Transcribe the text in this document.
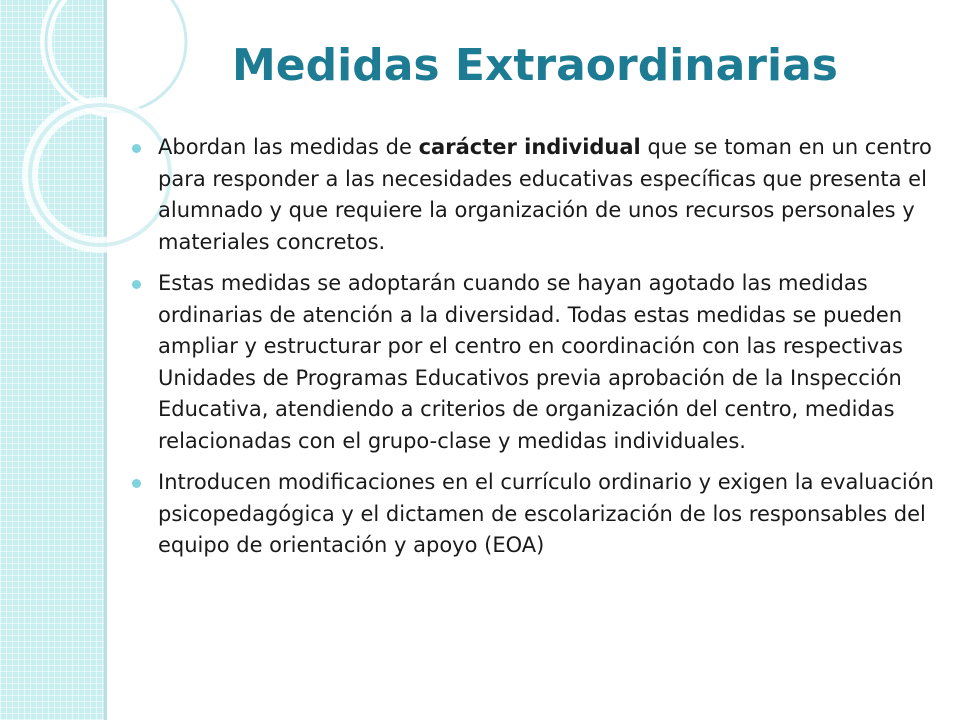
Medidas Extraordinarias
Abordan las medidas de carácter individual que se toman en un centro para responder a las necesidades educativas específicas que presenta el alumnado y que requiere la organización de unos recursos personales y materiales concretos.
Estas medidas se adoptarán cuando se hayan agotado las medidas ordinarias de atención a la diversidad. Todas estas medidas se pueden ampliar y estructurar por el centro en coordinación con las respectivas Unidades de Programas Educativos previa aprobación de la Inspección Educativa, atendiendo a criterios de organización del centro, medidas relacionadas con el grupo-clase y medidas individuales.
Introducen modificaciones en el currículo ordinario y exigen la evaluación psicopedagógica y el dictamen de escolarización de los responsables del equipo de orientación y apoyo (EOA)
